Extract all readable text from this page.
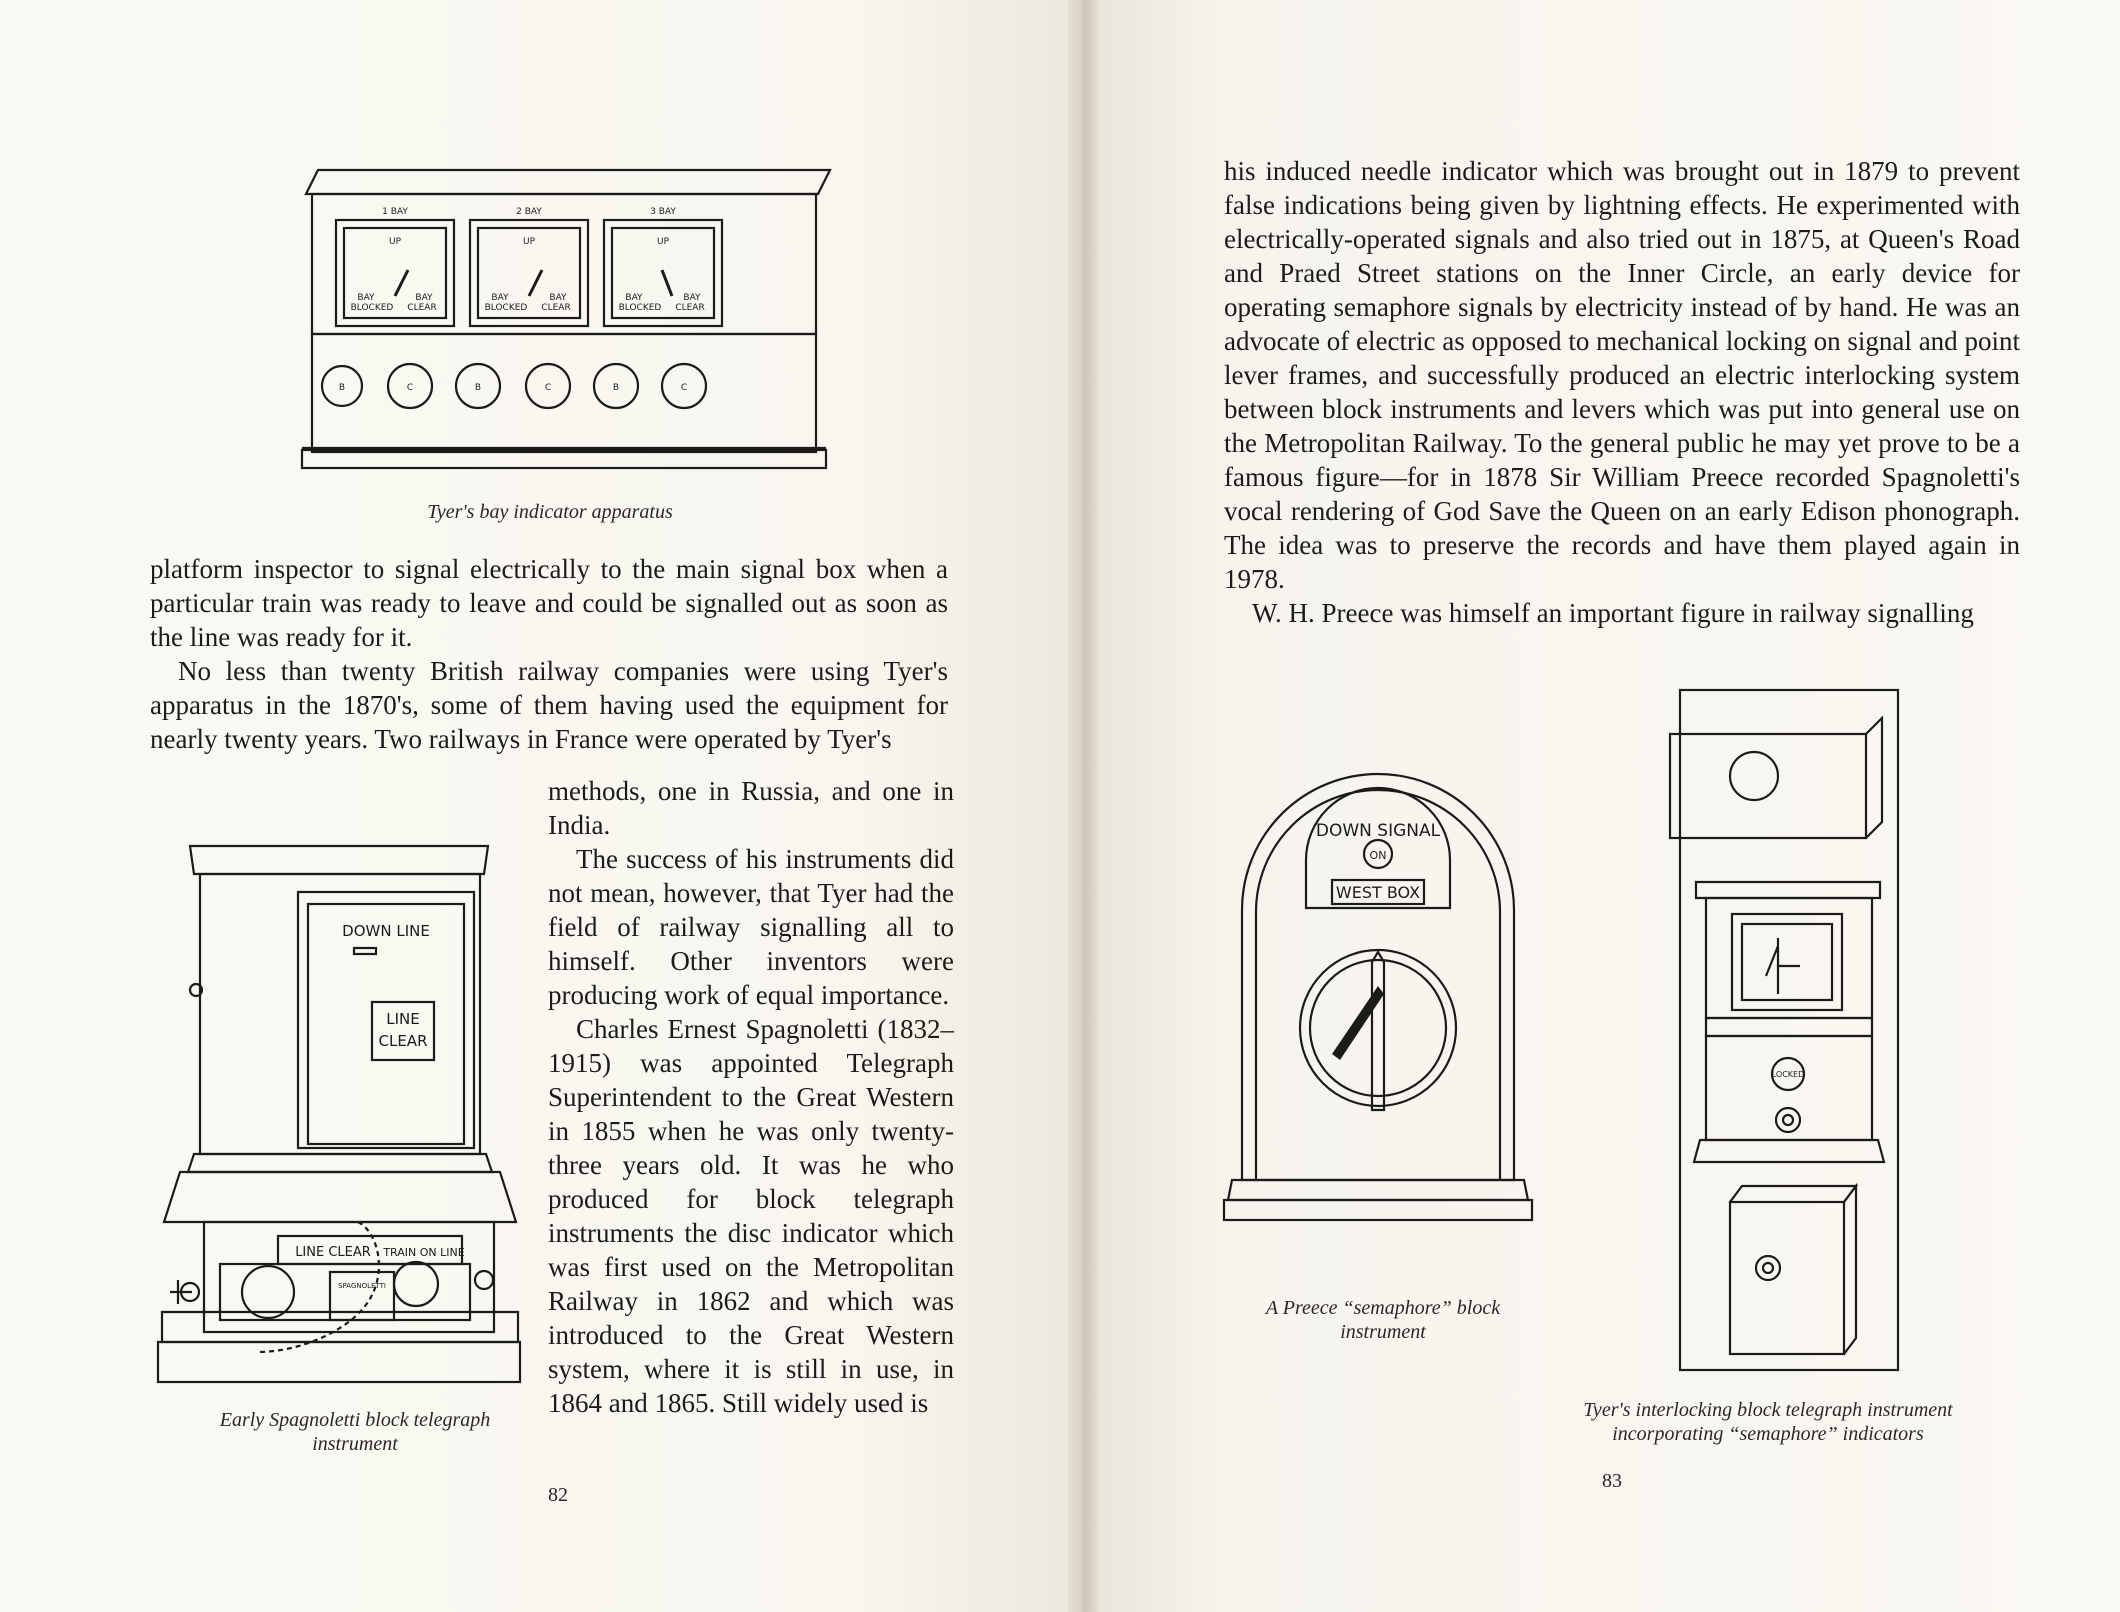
1 BAY	2 BAY	3 BAY
UP	UP	UP
BLOCKED CLEAR	BLOCKED CLEAR	BLOCKED CLEAR
BAY	BAY	BAY	BAY	BAY	BAY
B	C	B	C	B	C
Tyer's bay indicator apparatus

platform inspector to signal electrically to the main signal box when a particular train was ready to leave and could be signalled out as soon as the line was ready for it.

No less than twenty British railway companies were using Tyer's apparatus in the 1870's, some of them having used the equipment for nearly twenty years. Two railways in France were operated by Tyer's

methods, one in Russia, and one in India.

The success of his instruments did not mean, however, that Tyer had the field of railway signalling all to himself. Other inventors were producing work of equal importance.

Charles Ernest Spagnoletti (1832–1915) was appointed Telegraph Superintendent to the Great Western in 1855 when he was only twenty-three years old. It was he who produced for block telegraph instruments the disc indicator which was first used on the Metropolitan Railway in 1862 and which was introduced to the Great Western system, where it is still in use, in 1864 and 1865. Still widely used is

DOWN LINE
LINE
CLEAR
LINE CLEAR TRAIN ON LINE
SPAGNOLETTI
Early Spagnoletti block telegraph instrument
82

his induced needle indicator which was brought out in 1879 to prevent false indications being given by lightning effects. He experimented with electrically-operated signals and also tried out in 1875, at Queen's Road and Praed Street stations on the Inner Circle, an early device for operating semaphore signals by electricity instead of by hand. He was an advocate of electric as opposed to mechanical locking on signal and point lever frames, and successfully produced an electric interlocking system between block instruments and levers which was put into general use on the Metropolitan Railway. To the general public he may yet prove to be a famous figure—for in 1878 Sir William Preece recorded Spagnoletti's vocal rendering of God Save the Queen on an early Edison phonograph. The idea was to preserve the records and have them played again in 1978.

W. H. Preece was himself an important figure in railway signalling

DOWN SIGNAL
ON
WEST BOX
A Preece “semaphore” block instrument
LOCKED
Tyer's interlocking block telegraph instrument incorporating “semaphore” indicators
83
